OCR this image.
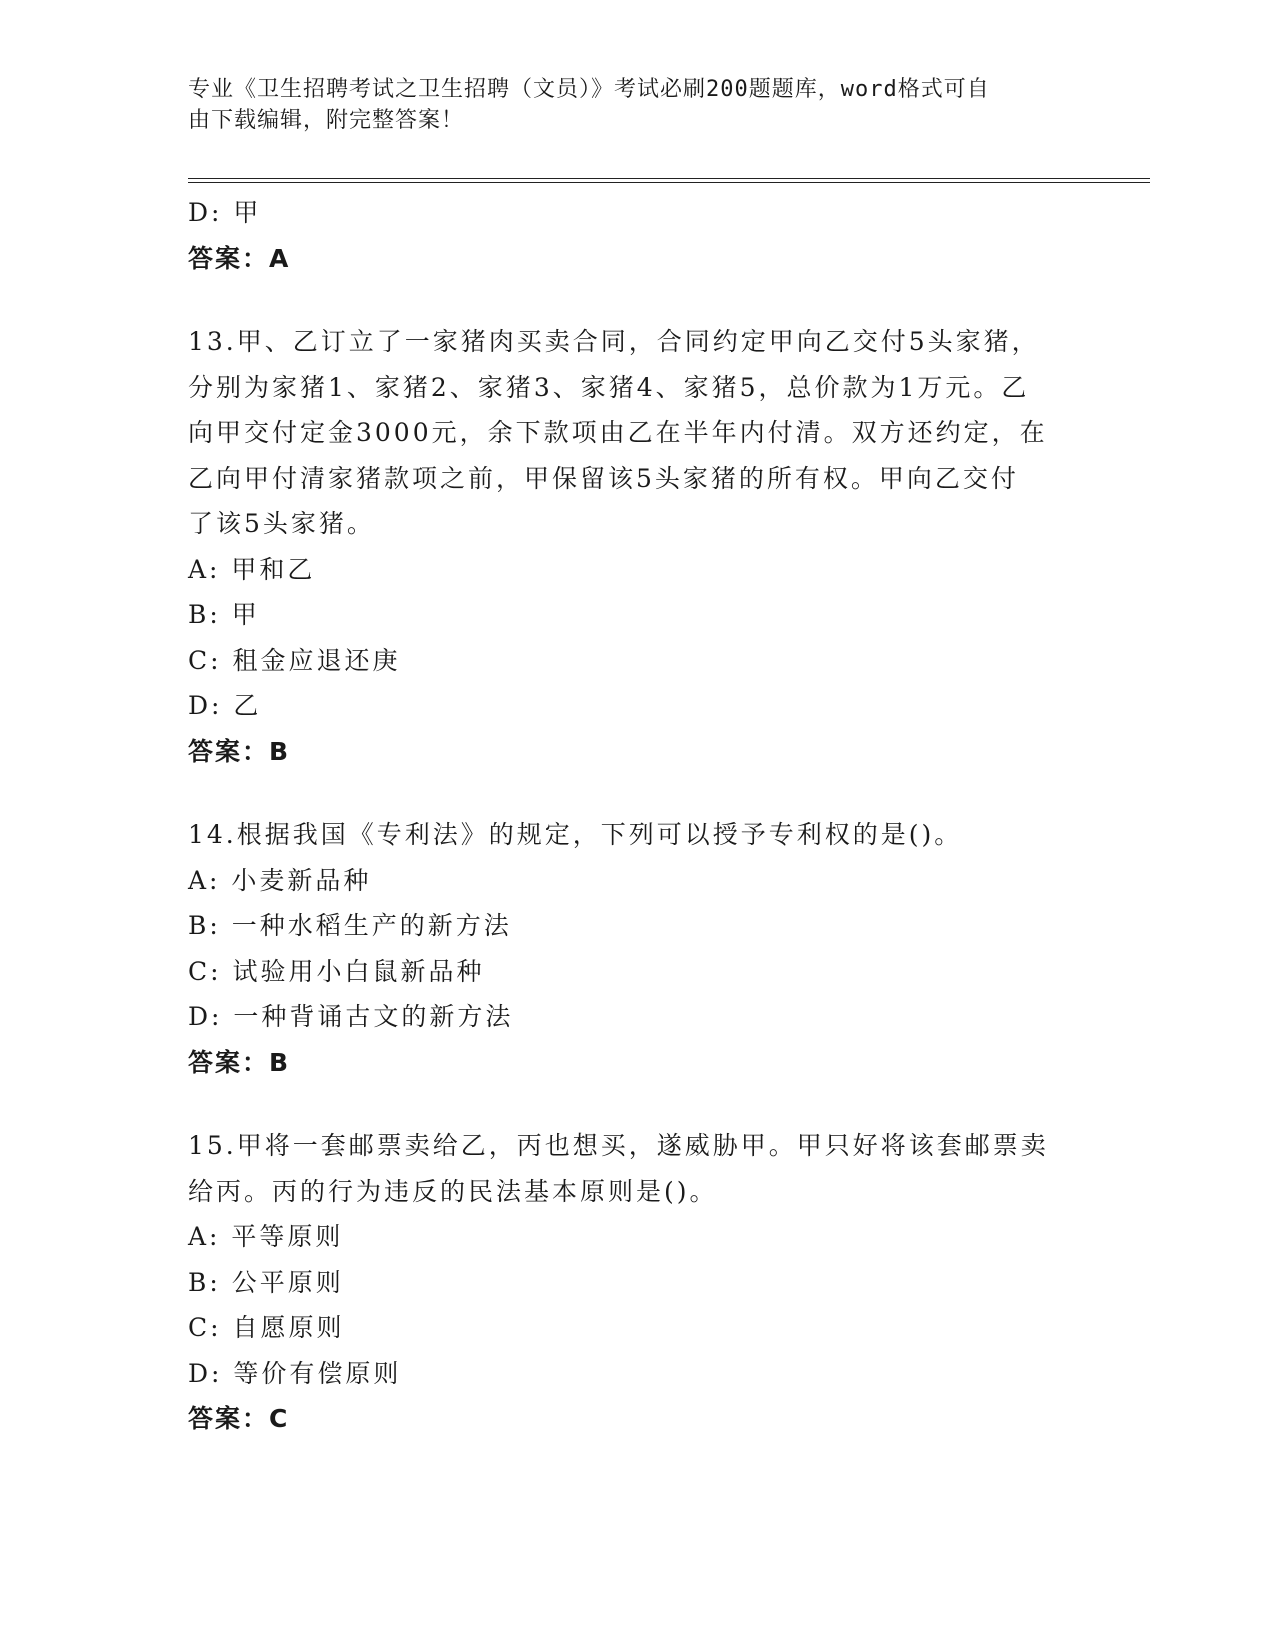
专业《卫生招聘考试之卫生招聘（文员）》考试必刷200题题库，word格式可自
由下载编辑，附完整答案！
D: 甲
答案：A
13.甲、乙订立了一家猪肉买卖合同，合同约定甲向乙交付5头家猪，
分别为家猪1、家猪2、家猪3、家猪4、家猪5，总价款为1万元。乙
向甲交付定金3000元，余下款项由乙在半年内付清。双方还约定，在
乙向甲付清家猪款项之前，甲保留该5头家猪的所有权。甲向乙交付
了该5头家猪。
A: 甲和乙
B: 甲
C: 租金应退还庚
D: 乙
答案：B
14.根据我国《专利法》的规定，下列可以授予专利权的是()。
A: 小麦新品种
B: 一种水稻生产的新方法
C: 试验用小白鼠新品种
D: 一种背诵古文的新方法
答案：B
15.甲将一套邮票卖给乙，丙也想买，遂威胁甲。甲只好将该套邮票卖
给丙。丙的行为违反的民法基本原则是()。
A: 平等原则
B: 公平原则
C: 自愿原则
D: 等价有偿原则
答案：C
